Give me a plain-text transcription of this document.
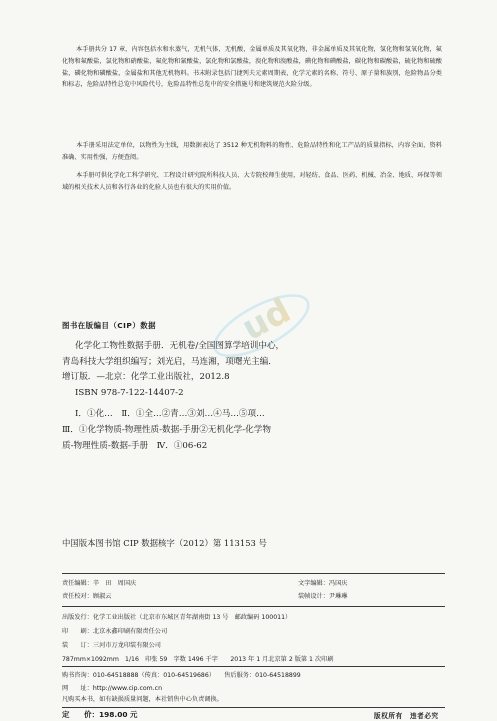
本手册共分 17 章，内容包括水和水蒸气，无机气体，无机酸，金属单质及其氧化物，非金属单质及其氧化物，氢化物和氢氧化物，氟化物和氟酸盐，氯化物和硝酸盐，氟化物和氰酸盐，氯化物和氯酸盐，溴化物和溴酸盐，碘化物和碘酸盐，碳化物和碳酸盐，硫化物和硫酸盐，磷化物和磷酸盐，金属盐和其他无机物料。书末附录包括门捷列夫元素周期表，化学元素的名称、符号、原子量和族别，危险物品分类和标志，危险品特性总览中风险代号，危险品特性总览中的安全措施号和建筑规范火险分级。
本手册采用法定单位，以物性为主线，用数据表达了 3512 种无机物料的物性、危险品特性和化工产品的质量指标，内容全面、资料准确、实用性强，方便查阅。
本手册可供化学化工科学研究、工程设计研究院所科技人员、大专院校师生使用，对轻纺、食品、医药、机械、冶金、地质、环保等领域的相关技术人员和各行各业的化验人员也有很大的实用价值。
ud
图书在版编目（CIP）数据
化学化工物性数据手册．无机卷/全国图算学培训中心，
青岛科技大学组织编写；刘光启，马连湘，项曙光主编．
增订版．—北京：化学工业出版社，2012.8
ISBN 978-7-122-14407-2
Ⅰ．①化…　Ⅱ．①全…②青…③刘…④马…⑤项…
Ⅲ．①化学物质-物理性质-数据-手册②无机化学-化学物
质-物理性质-数据-手册　Ⅳ．①06-62
中国版本图书馆 CIP 数据核字（2012）第 113153 号
责任编辑：辛　田　周国庆
责任校对：顾淑云
文字编辑：冯国庆
装帧设计：尹琳琳
出版发行：化学工业出版社（北京市东城区青年湖南街 13 号　邮政编码 100011）
印　　刷：北京永鑫印刷有限责任公司
装　　订：三河市万龙印装有限公司
787mm×1092mm　1/16　印张 59　字数 1496 千字　　2013 年 1 月北京第 2 版第 1 次印刷
购书咨询：010-64518888（传真：010-64519686）　　售后服务：010-64518899
网　　址：http://www.cip.com.cn
凡购买本书，如有缺损质量问题，本社销售中心负责调换。
定　　价：198.00 元	版权所有　违者必究
